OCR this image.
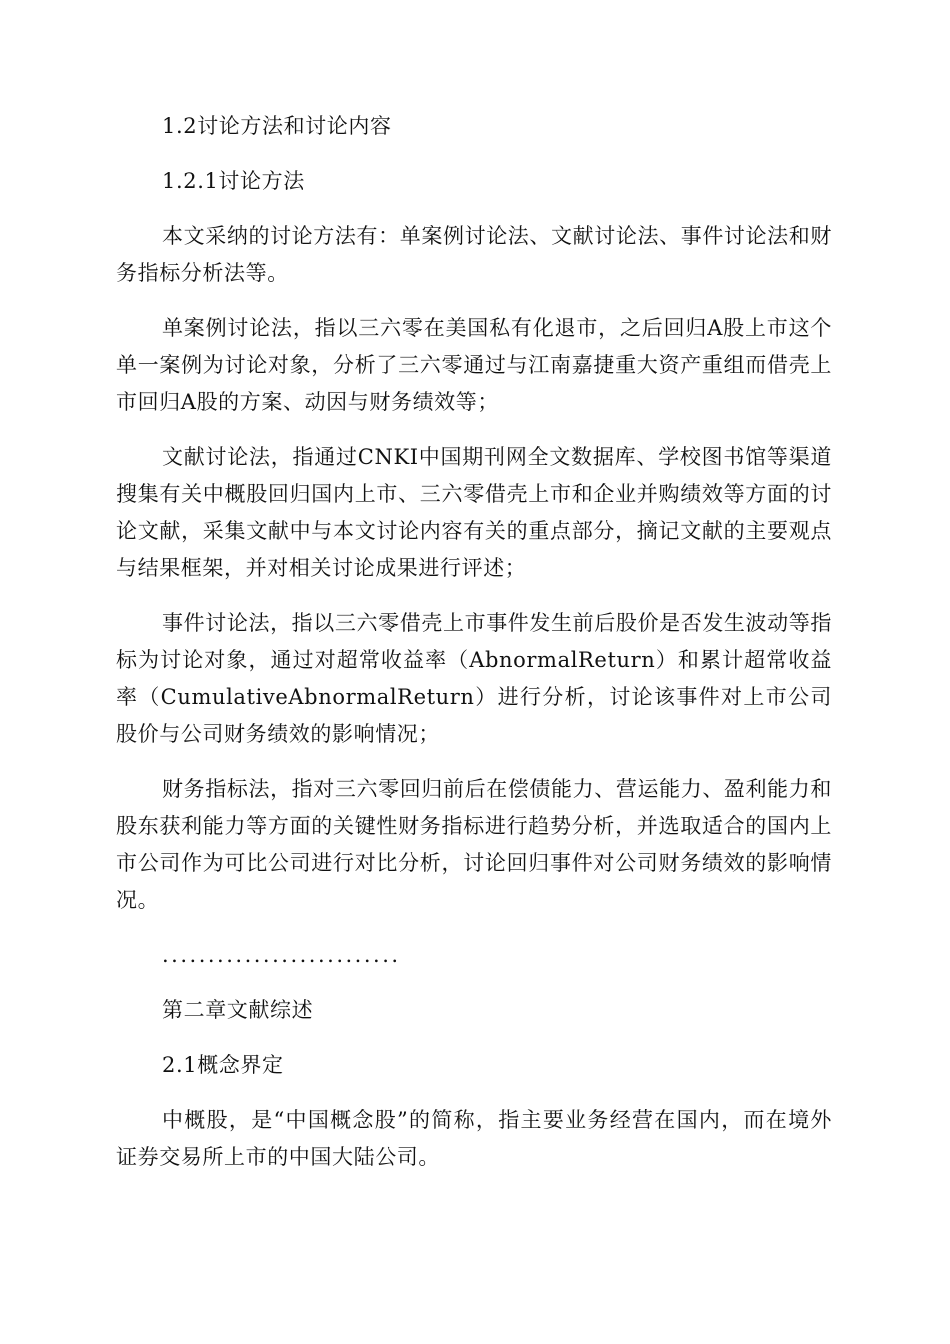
1.2讨论方法和讨论内容
1.2.1讨论方法

本文采纳的讨论方法有：单案例讨论法、文献讨论法、事件讨论法和财务指标分析法等。

单案例讨论法，指以三六零在美国私有化退市，之后回归A股上市这个单一案例为讨论对象，分析了三六零通过与江南嘉捷重大资产重组而借壳上市回归A股的方案、动因与财务绩效等；

文献讨论法，指通过CNKI中国期刊网全文数据库、学校图书馆等渠道搜集有关中概股回归国内上市、三六零借壳上市和企业并购绩效等方面的讨论文献，采集文献中与本文讨论内容有关的重点部分，摘记文献的主要观点与结果框架，并对相关讨论成果进行评述；

事件讨论法，指以三六零借壳上市事件发生前后股价是否发生波动等指标为讨论对象，通过对超常收益率（AbnormalReturn）和累计超常收益率（CumulativeAbnormalReturn）进行分析，讨论该事件对上市公司股价与公司财务绩效的影响情况；

财务指标法，指对三六零回归前后在偿债能力、营运能力、盈利能力和股东获利能力等方面的关键性财务指标进行趋势分析，并选取适合的国内上市公司作为可比公司进行对比分析，讨论回归事件对公司财务绩效的影响情况。

..........................
第二章文献综述
2.1概念界定

中概股，是“中国概念股”的简称，指主要业务经营在国内，而在境外证券交易所上市的中国大陆公司。
